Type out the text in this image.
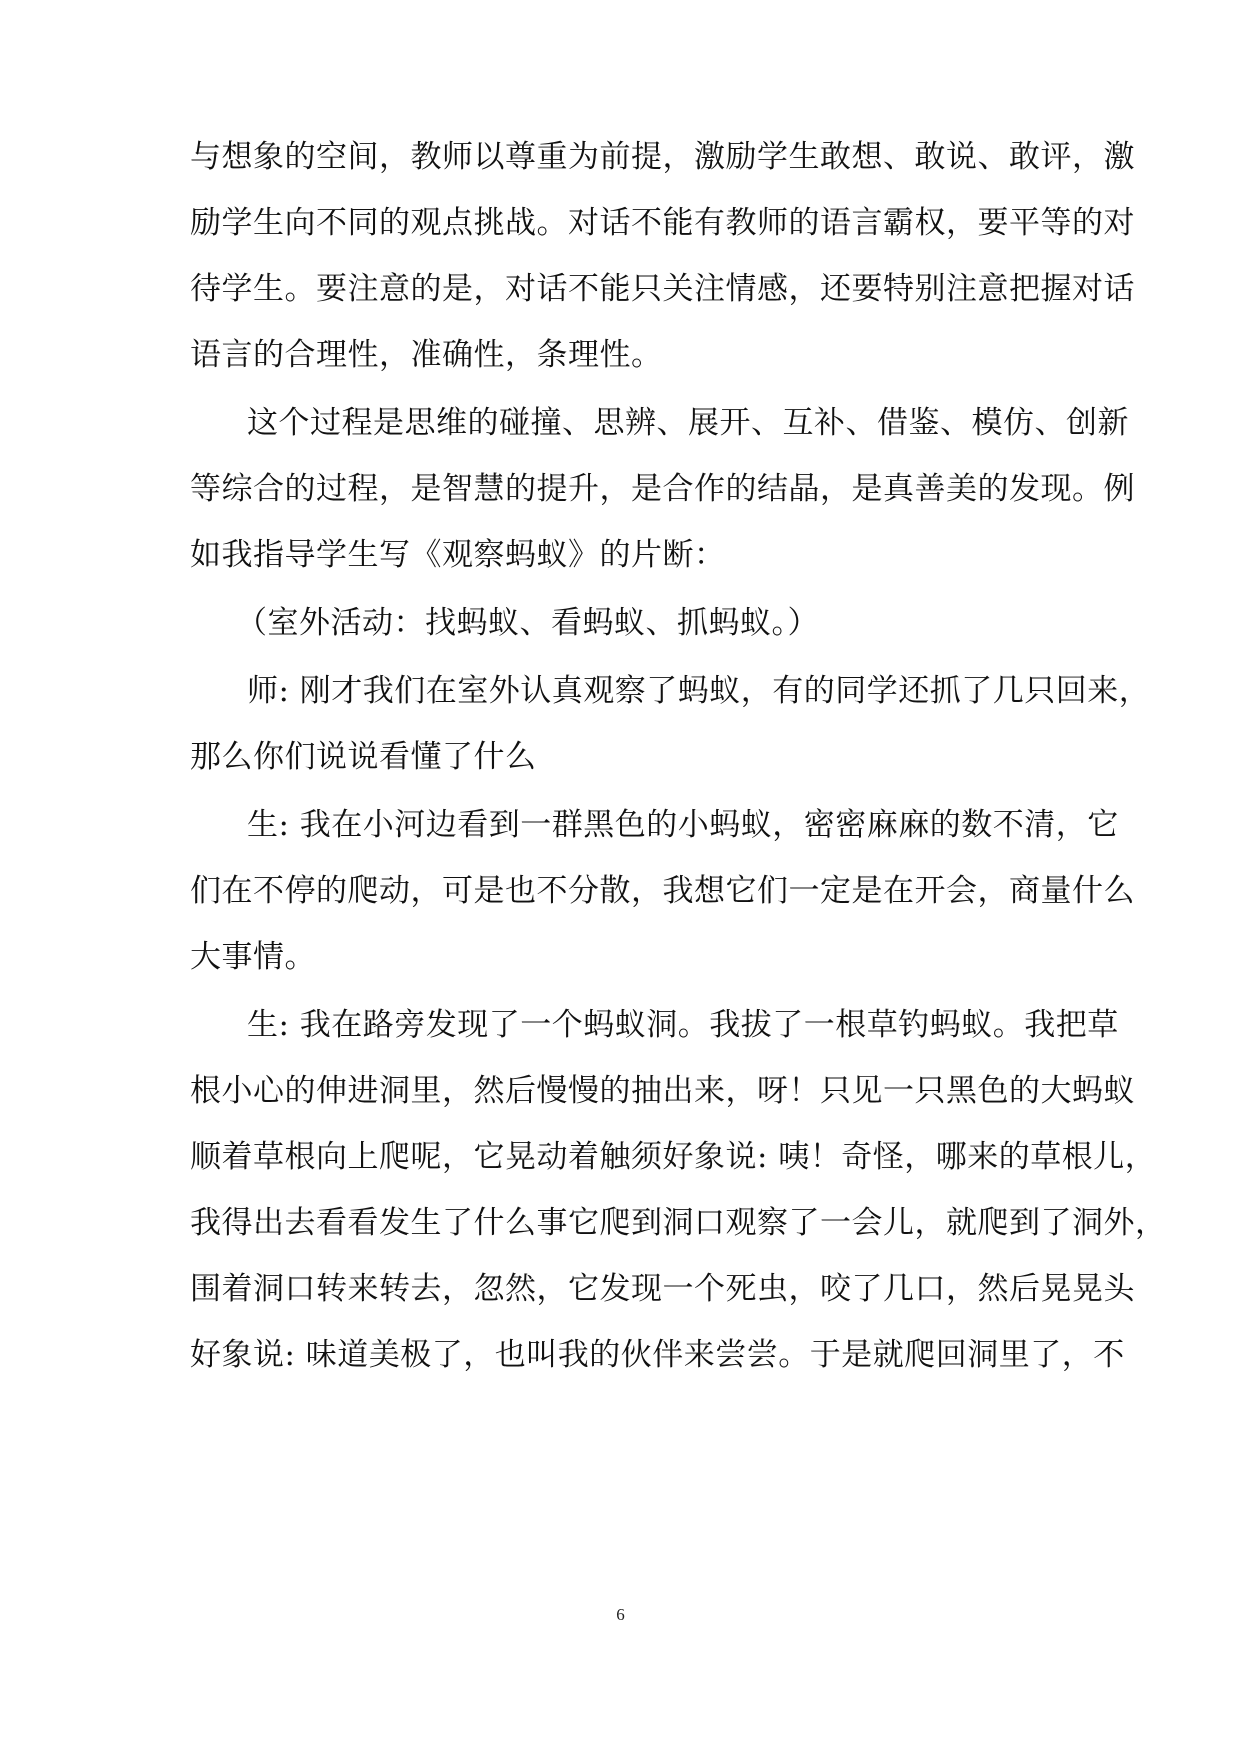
与想象的空间，教师以尊重为前提，激励学生敢想、敢说、敢评，激
励学生向不同的观点挑战。对话不能有教师的语言霸权，要平等的对
待学生。要注意的是，对话不能只关注情感，还要特别注意把握对话
语言的合理性，准确性，条理性。
这个过程是思维的碰撞、思辨、展开、互补、借鉴、模仿、创新
等综合的过程，是智慧的提升，是合作的结晶，是真善美的发现。例
如我指导学生写《观察蚂蚁》的片断：
（室外活动：找蚂蚁、看蚂蚁、抓蚂蚁。）
师: 刚才我们在室外认真观察了蚂蚁，有的同学还抓了几只回来，
那么你们说说看懂了什么
生: 我在小河边看到一群黑色的小蚂蚁，密密麻麻的数不清，它
们在不停的爬动，可是也不分散，我想它们一定是在开会，商量什么
大事情。
生: 我在路旁发现了一个蚂蚁洞。我拔了一根草钓蚂蚁。我把草
根小心的伸进洞里，然后慢慢的抽出来，呀！只见一只黑色的大蚂蚁
顺着草根向上爬呢，它晃动着触须好象说: 咦！奇怪，哪来的草根儿，
我得出去看看发生了什么事它爬到洞口观察了一会儿，就爬到了洞外，
围着洞口转来转去，忽然，它发现一个死虫，咬了几口，然后晃晃头
好象说: 味道美极了，也叫我的伙伴来尝尝。于是就爬回洞里了，不
6
